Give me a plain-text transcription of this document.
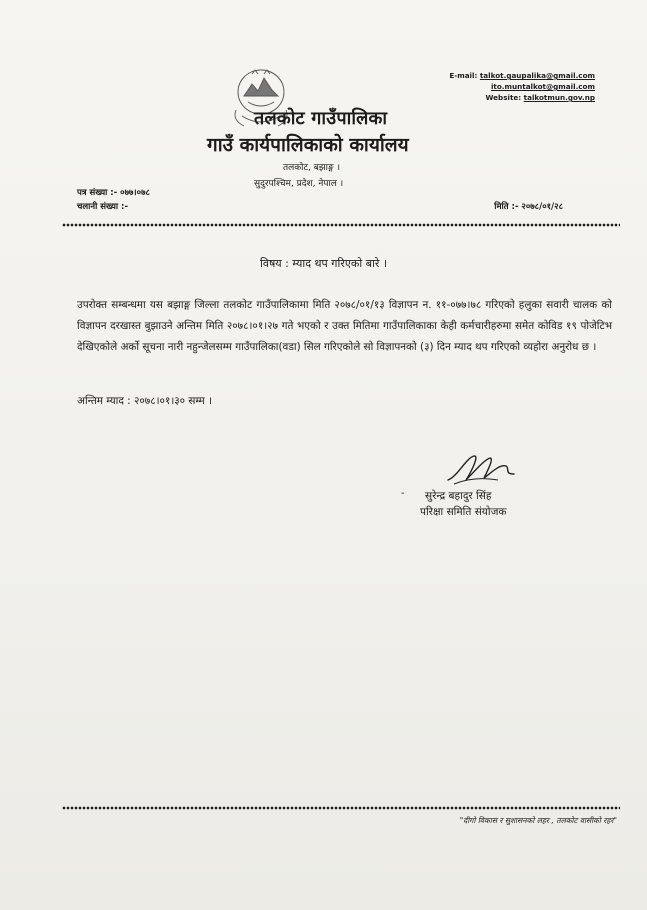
E-mail: talkot.gaupalika@gmail.com
ito.muntalkot@gmail.com
Website: talkotmun.gov.np
तलकोट गाउँपालिका
गाउँ कार्यपालिकाको कार्यालय
तलकोट, बझाङ्ग ।
सुदुरपश्चिम, प्रदेश, नेपाल ।
पत्र संख्या :- ०७७।०७८
चलानी संख्या :-	मिति :- २०७८/०१/२८
विषय : म्याद थप गरिएको बारे ।

उपरोक्त सम्बन्धमा यस बझाङ्ग जिल्ला तलकोट गाउँपालिकामा मिति २०७८/०१/१३ विज्ञापन न. ११-०७७।७८ गरिएको हलुका सवारी चालक को विज्ञापन दरखास्त बुझाउने अन्तिम मिति २०७८।०१।२७ गते भएको र उक्त मितिमा गाउँपालिकाका केही कर्मचारीहरुमा समेत कोविड १९ पोजेटिभ देखिएकोले अर्को सूचना नारी नहुन्जेलसम्म गाउँपालिका(वडा) सिल गरिएकोले सो विज्ञापनको (३) दिन म्याद थप गरिएको व्यहोरा अनुरोध छ ।

अन्तिम म्याद : २०७८।०१।३० सम्म ।
- सुरेन्द्र बहादुर सिंह
परिक्षा समिति संयोजक
"दीगो विकास र सुशासनको लहर , तलकोट वासीको रहर"
